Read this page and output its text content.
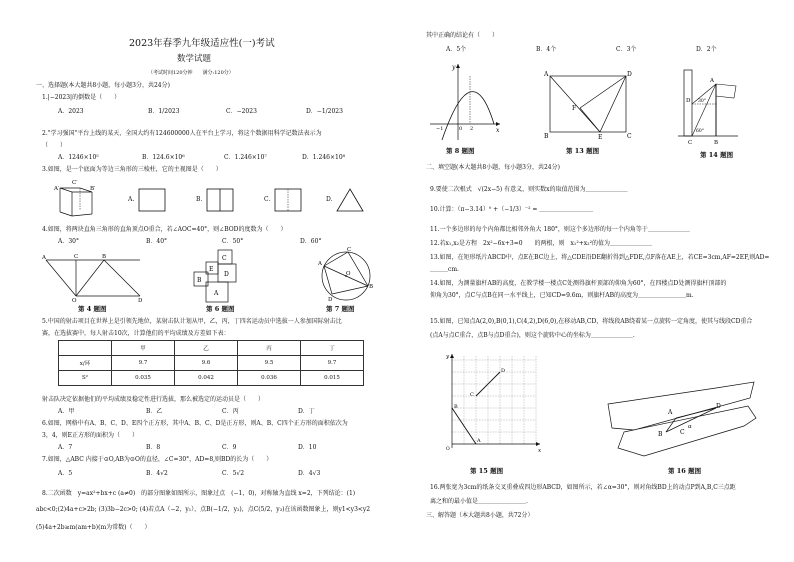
2023年春季九年级适应性(一)考试
数学试题
（考试时间120分钟　　满分:120分）
一、选择题(本大题共8小题，每小题3分，共24分)
1.|−2023|的倒数是（　　）
A．2023	B．1/2023	C．−2023	D．−1/2023
2."学习强国"平台上线的某天，全国大约有124600000人在平台上学习，将这个数据用科学记数法表示为
（　　）
A．1246×10⁵	B．124.6×10⁶	C．1.246×10⁷	D．1.246×10⁸
3.如图，是一个底面为等边三角形的三棱柱，它的主视图是（　　）
C′
A′	B′
A.	B.	C.	D.
4.如图，将两块直角三角形的直角顶点O重合，若∠AOC=40°，则∠BOD的度数为（　　）
A．30°	B．40°	C．50°	D．60°
A	C	B
O	D
第 4 题图
C
E
D
B
A
第 6 题图
C
A
B
O
D
第 7 题图
5.中国的射击项目在世界上是引领先地位，某射击队计划从甲，乙，丙，丁四名运动员中选拔一人参加国际射击比
赛，在选拔赛中，每人射击10次，计算他们的平均成绩及方差如下表：
	甲	乙	丙	丁
x/环	9.7	9.6	9.5	9.7
S²	0.035	0.042	0.036	0.015
射击队决定依据他们的平均成绩及稳定性进行选拔，那么被选定的运动员是（　　）
A．甲	B．乙	C．丙	D．丁
6.如图，网格中有A、B、C、D、E四个正方形，其中A、B、C、D是正方形，则A、B、C四个正方形的面积依次为
3，4，则E正方形的面积为（　　）
A．7	B．8	C．9	D．10
7.如图，△ABC 内接于⊙O,AB为⊙O的直径，∠C=30°，AD=8,则BD的长为（　　）
A．5	B．4√2	C．5√2	D．4√3
8.二次函数　y=ax²+bx+c (a≠0)　的部分图象如图所示，图象过点　(−1，0)，对称轴为直线 x=2，下列结论：(1)
abc<0;(2)4a+c>2b; (3)3b−2c>0; (4)若点A（−2，y₁），点B(−1/2，y₂)，点C(5/2，y₃)在该函数图象上，则y1<y3<y2
(5)4a+2b≥m(am+b)(m为常数)（　　）
其中正确的结论有（　　）
A．5个	B．4个	C．3个	D．2个
y
x
−1	0 2
第 8 题图
A	D
B	E	C
F
第 13 题图
A
D 30°
60°
C	B
第 14 题图
二、填空题(本大题共8小题，每小题3分，共24分)
9.要使二次根式　√(2x−5) 有意义，则实数x的取值范围为＿＿＿＿＿＿＿
10.计算：（π−3.14）⁰ +（−1/3）⁻² = ＿＿＿＿＿＿＿＿＿
11.一个多边形的每个内角都比相邻外角大 180°，则这个多边形的每一个内角等于＿＿＿＿＿＿＿
12.若x₁,x₂是方程　2x²−6x+3=0　　的两根，则　x₁²+x₂²的值为＿＿＿＿＿＿＿
13.如图，在矩形纸片ABCD中，点E在BC边上，将△CDE沿DE翻折得到△FDE,点F落在AE上，若CE=3cm,AF=2EF,则AD=
＿＿＿cm.
14.如图，为测量旗杆AB的高度，在教学楼一楼点C处测得旗杆顶部的仰角为60°，在四楼点D处测得旗杆顶部的
仰角为30°，点C与点B在同一水平线上，已知CD=9.6m，则旗杆AB的高度为＿＿＿＿＿＿＿＿m.
15.如图，已知点A(2,0),B(0,1),C(4,2),D(6,0),在移动AB,CD，将线段AB绕着某一点旋转一定角度，使其与线段CD重合
(点A与点C重合，点B与点D重合)，则这个旋转中心的坐标为＿＿＿＿＿＿＿.
y
x
A
B
C
D
O
第 15 题图
A
B
D
C
α
第 16 题图
16.两张宽为3cm的纸条交叉重叠成四边形ABCD，如图所示，若∠α=30°，则对角线BD上的动点P到A,B,C三点距
离之和的最小值是＿＿＿＿＿＿＿＿.
三、解答题（本大题共8小题，共72分）
